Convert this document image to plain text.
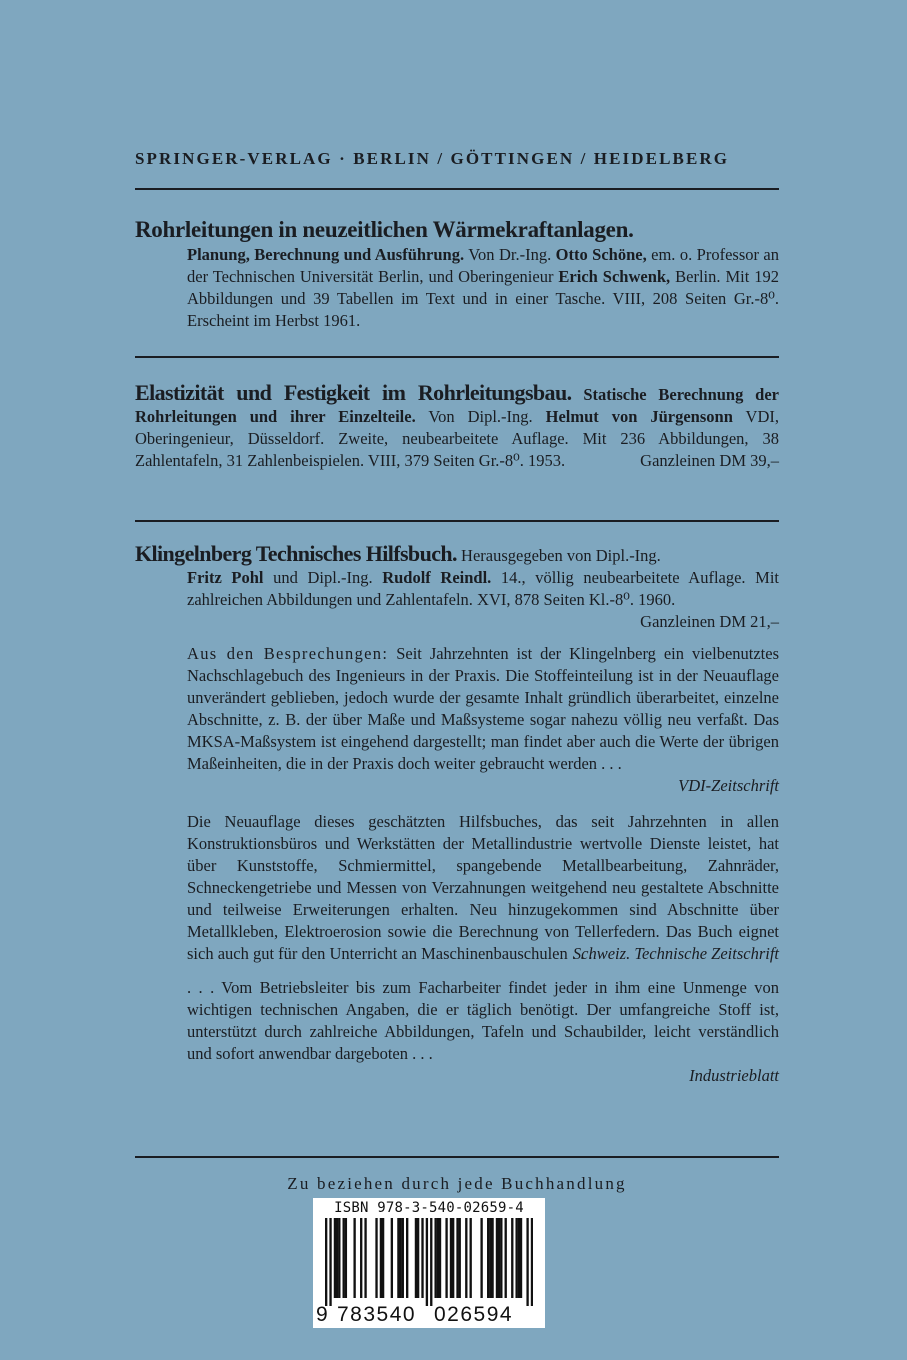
SPRINGER-VERLAG · BERLIN / GÖTTINGEN / HEIDELBERG
Rohrleitungen in neuzeitlichen Wärmekraftanlagen.
Planung, Berechnung und Ausführung. Von Dr.-Ing. Otto Schöne, em. o. Professor an der Technischen Universität Berlin, und Oberingenieur Erich Schwenk, Berlin. Mit 192 Abbildungen und 39 Tabellen im Text und in einer Tasche. VIII, 208 Seiten Gr.-8⁰. Erscheint im Herbst 1961.
Elastizität und Festigkeit im Rohrleitungsbau. Statische Berechnung der Rohrleitungen und ihrer Einzelteile. Von Dipl.-Ing. Helmut von Jürgensonn VDI, Oberingenieur, Düsseldorf. Zweite, neubearbeitete Auflage. Mit 236 Abbildungen, 38 Zahlentafeln, 31 Zahlenbeispielen. VIII, 379 Seiten Gr.-8⁰. 1953.	Ganzleinen DM 39,–
Klingelnberg Technisches Hilfsbuch. Herausgegeben von Dipl.-Ing.
Fritz Pohl und Dipl.-Ing. Rudolf Reindl. 14., völlig neubearbeitete Auflage. Mit zahlreichen Abbildungen und Zahlentafeln. XVI, 878 Seiten Kl.-8⁰. 1960.
Ganzleinen DM 21,–
Aus den Besprechungen: Seit Jahrzehnten ist der Klingelnberg ein vielbenutztes Nachschlagebuch des Ingenieurs in der Praxis. Die Stoffeinteilung ist in der Neuauflage unverändert geblieben, jedoch wurde der gesamte Inhalt gründlich überarbeitet, einzelne Abschnitte, z. B. der über Maße und Maßsysteme sogar nahezu völlig neu verfaßt. Das MKSA-Maßsystem ist eingehend dargestellt; man findet aber auch die Werte der übrigen Maßeinheiten, die in der Praxis doch weiter gebraucht werden . . .
VDI-Zeitschrift
Die Neuauflage dieses geschätzten Hilfsbuches, das seit Jahrzehnten in allen Konstruktionsbüros und Werkstätten der Metallindustrie wertvolle Dienste leistet, hat über Kunststoffe, Schmiermittel, spangebende Metallbearbeitung, Zahnräder, Schneckengetriebe und Messen von Verzahnungen weitgehend neu gestaltete Abschnitte und teilweise Erweiterungen erhalten. Neu hinzugekommen sind Abschnitte über Metallkleben, Elektroerosion sowie die Berechnung von Tellerfedern. Das Buch eignet sich auch gut für den Unterricht an Maschinenbauschulen . . .
Schweiz. Technische Zeitschrift
. . . Vom Betriebsleiter bis zum Facharbeiter findet jeder in ihm eine Unmenge von wichtigen technischen Angaben, die er täglich benötigt. Der umfangreiche Stoff ist, unterstützt durch zahlreiche Abbildungen, Tafeln und Schaubilder, leicht verständlich und sofort anwendbar dargeboten . . .
Industrieblatt
Zu beziehen durch jede Buchhandlung
ISBN 978-3-540-02659-4
9 783540 026594
